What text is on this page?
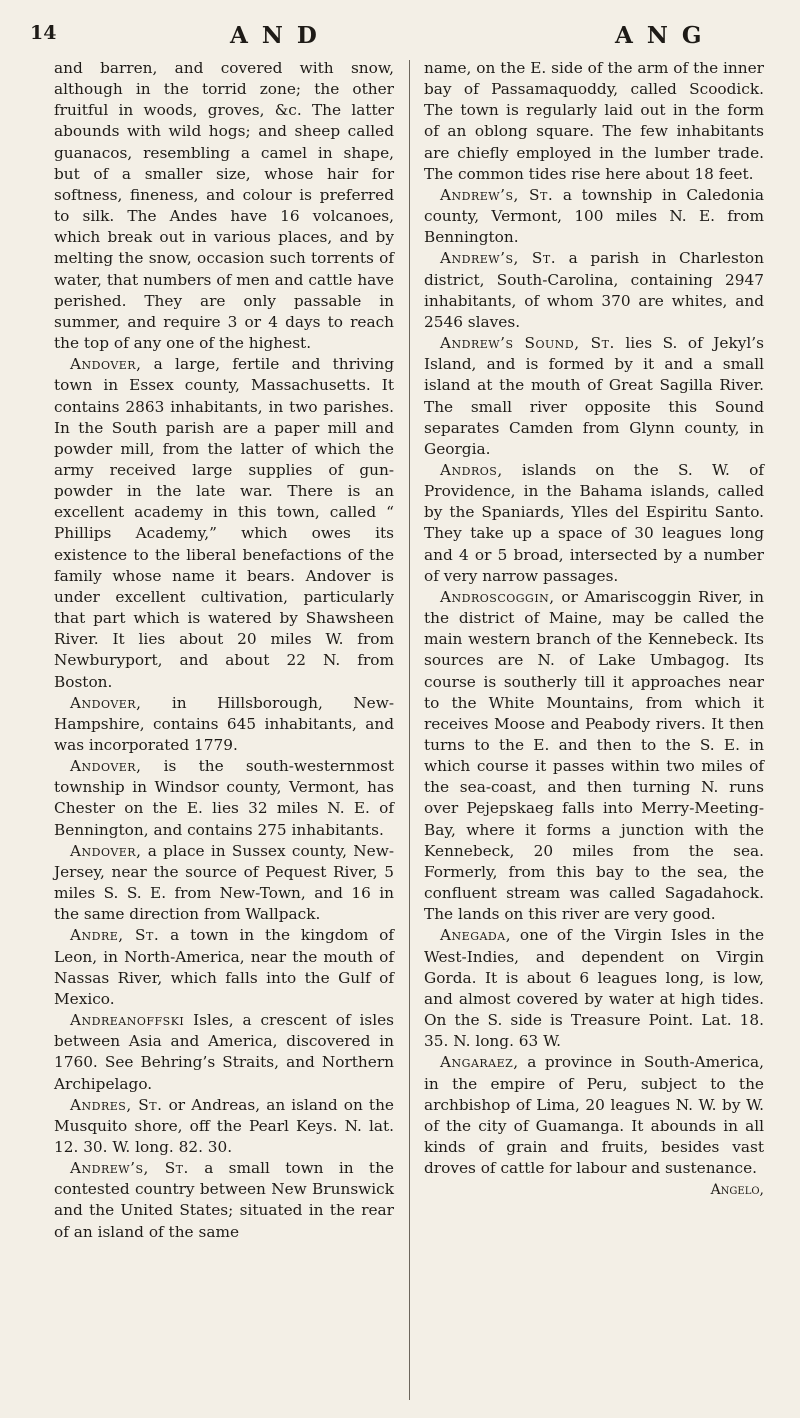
14	A N D	A N G

and barren, and covered with snow, although in the torrid zone; the other fruitful in woods, groves, &c. The latter abounds with wild hogs; and sheep called guanacos, resembling a camel in shape, but of a smaller size, whose hair for softness, fineness, and colour is preferred to silk. The Andes have 16 volcanoes, which break out in various places, and by melting the snow, occasion such torrents of water, that numbers of men and cattle have perished. They are only passable in summer, and require 3 or 4 days to reach the top of any one of the highest.

Andover, a large, fertile and thriving town in Essex county, Massachusetts. It contains 2863 inhabitants, in two parishes. In the South parish are a paper mill and powder mill, from the latter of which the army received large supplies of gun-powder in the late war. There is an excellent academy in this town, called “ Phillips Academy,” which owes its existence to the liberal benefactions of the family whose name it bears. Andover is under excellent cultivation, particularly that part which is watered by Shawsheen River. It lies about 20 miles W. from Newburyport, and about 22 N. from Boston.

Andover, in Hillsborough, New-Hampshire, contains 645 inhabitants, and was incorporated 1779.

Andover, is the south-westernmost township in Windsor county, Vermont, has Chester on the E. lies 32 miles N. E. of Bennington, and contains 275 inhabitants.

Andover, a place in Sussex county, New-Jersey, near the source of Pequest River, 5 miles S. S. E. from New-Town, and 16 in the same direction from Wallpack.

Andre, St. a town in the kingdom of Leon, in North-America, near the mouth of Nassas River, which falls into the Gulf of Mexico.

Andreanoffski Isles, a crescent of isles between Asia and America, discovered in 1760. See Behring’s Straits, and Northern Archipelago.

Andres, St. or Andreas, an island on the Musquito shore, off the Pearl Keys. N. lat. 12. 30. W. long. 82. 30.

Andrew’s, St. a small town in the contested country between New Brunswick and the United States; situated in the rear of an island of the same

name, on the E. side of the arm of the inner bay of Passamaquoddy, called Scoodick. The town is regularly laid out in the form of an oblong square. The few inhabitants are chiefly employed in the lumber trade. The common tides rise here about 18 feet.

Andrew’s, St. a township in Caledonia county, Vermont, 100 miles N. E. from Bennington.

Andrew’s, St. a parish in Charleston district, South-Carolina, containing 2947 inhabitants, of whom 370 are whites, and 2546 slaves.

Andrew’s Sound, St. lies S. of Jekyl’s Island, and is formed by it and a small island at the mouth of Great Sagilla River. The small river opposite this Sound separates Camden from Glynn county, in Georgia.

Andros, islands on the S. W. of Providence, in the Bahama islands, called by the Spaniards, Ylles del Espiritu Santo. They take up a space of 30 leagues long and 4 or 5 broad, intersected by a number of very narrow passages.

Androscoggin, or Amariscoggin River, in the district of Maine, may be called the main western branch of the Kennebeck. Its sources are N. of Lake Umbagog. Its course is southerly till it approaches near to the White Mountains, from which it receives Moose and Peabody rivers. It then turns to the E. and then to the S. E. in which course it passes within two miles of the sea-coast, and then turning N. runs over Pejepskaeg falls into Merry-Meeting-Bay, where it forms a junction with the Kennebeck, 20 miles from the sea. Formerly, from this bay to the sea, the confluent stream was called Sagadahock. The lands on this river are very good.

Anegada, one of the Virgin Isles in the West-Indies, and dependent on Virgin Gorda. It is about 6 leagues long, is low, and almost covered by water at high tides. On the S. side is Treasure Point. Lat. 18. 35. N. long. 63 W.

Angaraez, a province in South-America, in the empire of Peru, subject to the archbishop of Lima, 20 leagues N. W. by W. of the city of Guamanga. It abounds in all kinds of grain and fruits, besides vast droves of cattle for labour and sustenance.

Angelo,
